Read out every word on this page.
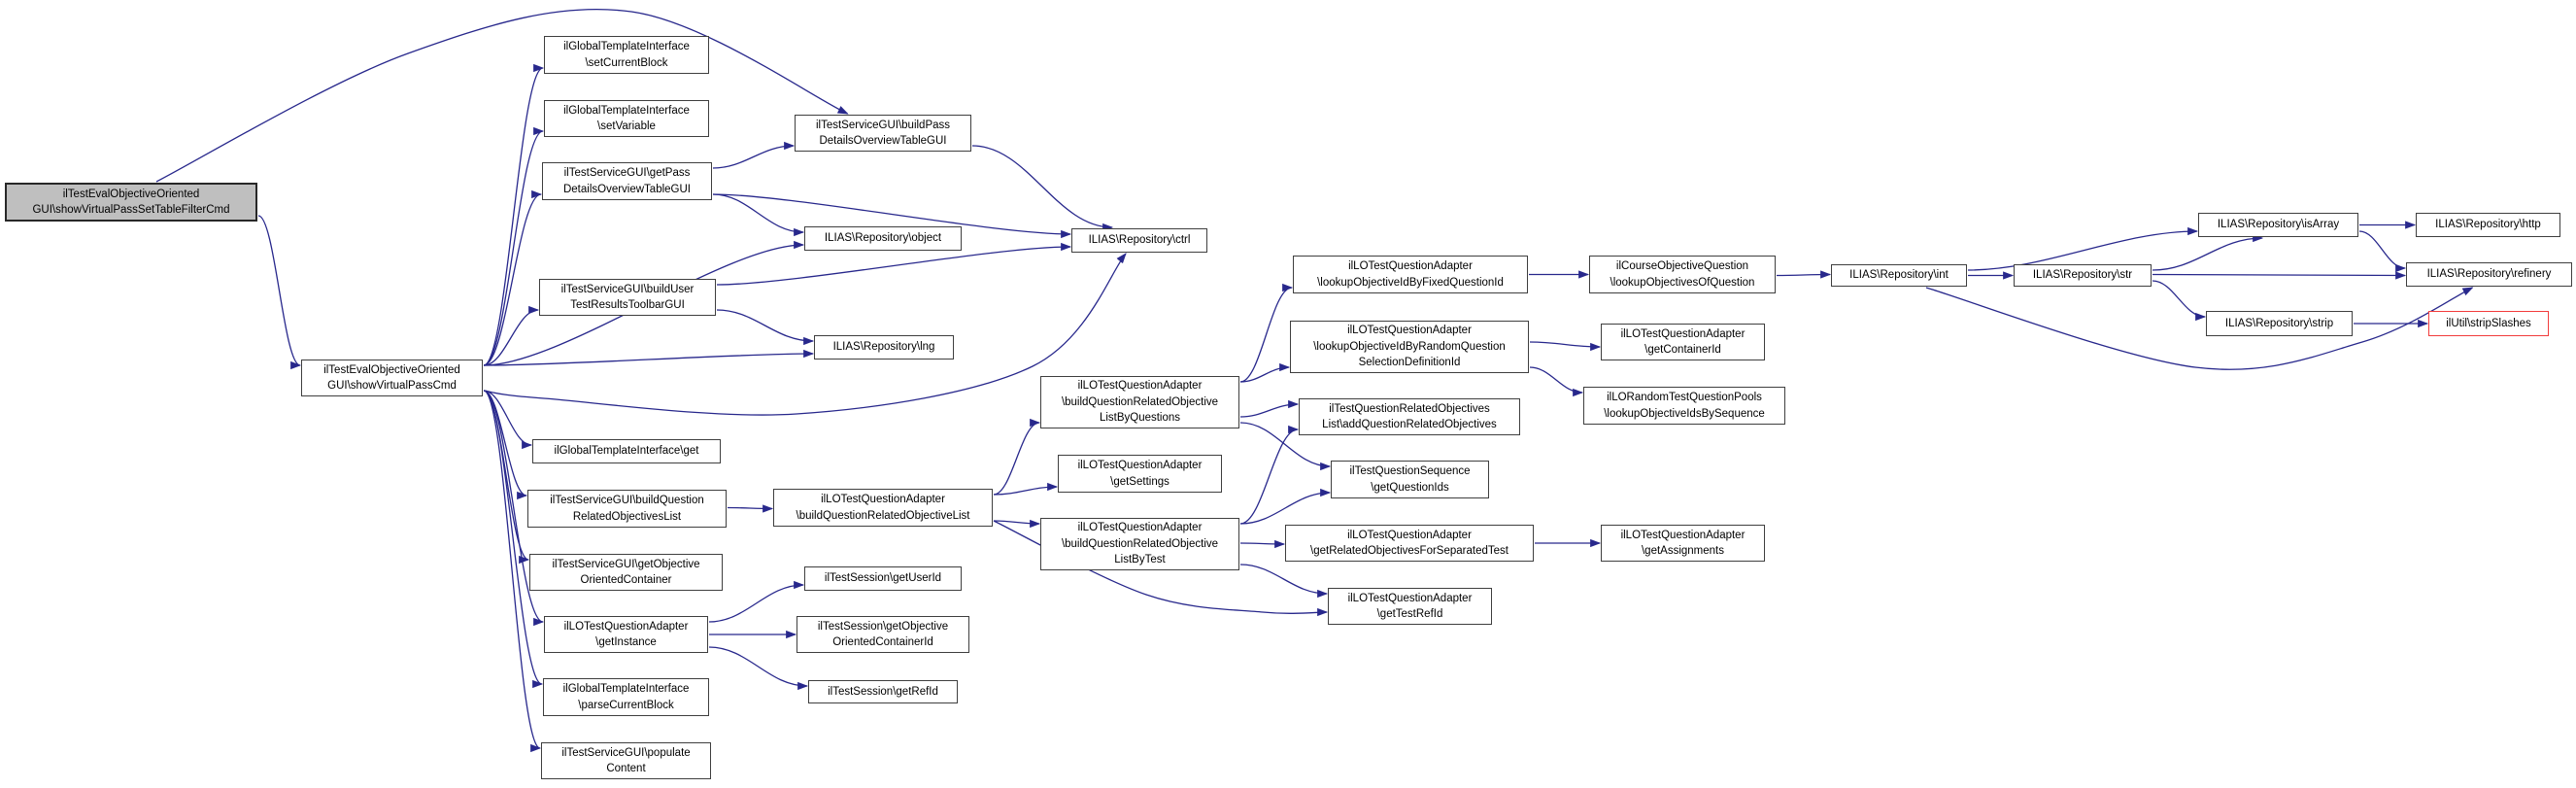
ilTestEvalObjectiveOriented
GUI\showVirtualPassSetTableFilterCmd
ilTestEvalObjectiveOriented
GUI\showVirtualPassCmd
ilGlobalTemplateInterface
\setCurrentBlock
ilGlobalTemplateInterface
\setVariable
ilTestServiceGUI\getPass
DetailsOverviewTableGUI
ilTestServiceGUI\buildUser
TestResultsToolbarGUI
ilGlobalTemplateInterface\get
ilTestServiceGUI\buildQuestion
RelatedObjectivesList
ilTestServiceGUI\getObjective
OrientedContainer
ilLOTestQuestionAdapter
\getInstance
ilGlobalTemplateInterface
\parseCurrentBlock
ilTestServiceGUI\populate
Content
ilTestServiceGUI\buildPass
DetailsOverviewTableGUI
ILIAS\Repository\object
ILIAS\Repository\lng
ILIAS\Repository\ctrl
ilLOTestQuestionAdapter
\buildQuestionRelatedObjectiveList
ilTestSession\getUserId
ilTestSession\getObjective
OrientedContainerId
ilTestSession\getRefId
ilLOTestQuestionAdapter
\buildQuestionRelatedObjective
ListByQuestions
ilLOTestQuestionAdapter
\getSettings
ilLOTestQuestionAdapter
\buildQuestionRelatedObjective
ListByTest
ilLOTestQuestionAdapter
\lookupObjectiveIdByFixedQuestionId
ilLOTestQuestionAdapter
\lookupObjectiveIdByRandomQuestion
SelectionDefinitionId
ilTestQuestionRelatedObjectives
List\addQuestionRelatedObjectives
ilTestQuestionSequence
\getQuestionIds
ilLOTestQuestionAdapter
\getRelatedObjectivesForSeparatedTest
ilLOTestQuestionAdapter
\getTestRefId
ilCourseObjectiveQuestion
\lookupObjectivesOfQuestion
ilLOTestQuestionAdapter
\getContainerId
ilLORandomTestQuestionPools
\lookupObjectiveIdsBySequence
ilLOTestQuestionAdapter
\getAssignments
ILIAS\Repository\int	ILIAS\Repository\str
ILIAS\Repository\isArray
ILIAS\Repository\strip
ILIAS\Repository\http
ILIAS\Repository\refinery
ilUtil\stripSlashes
